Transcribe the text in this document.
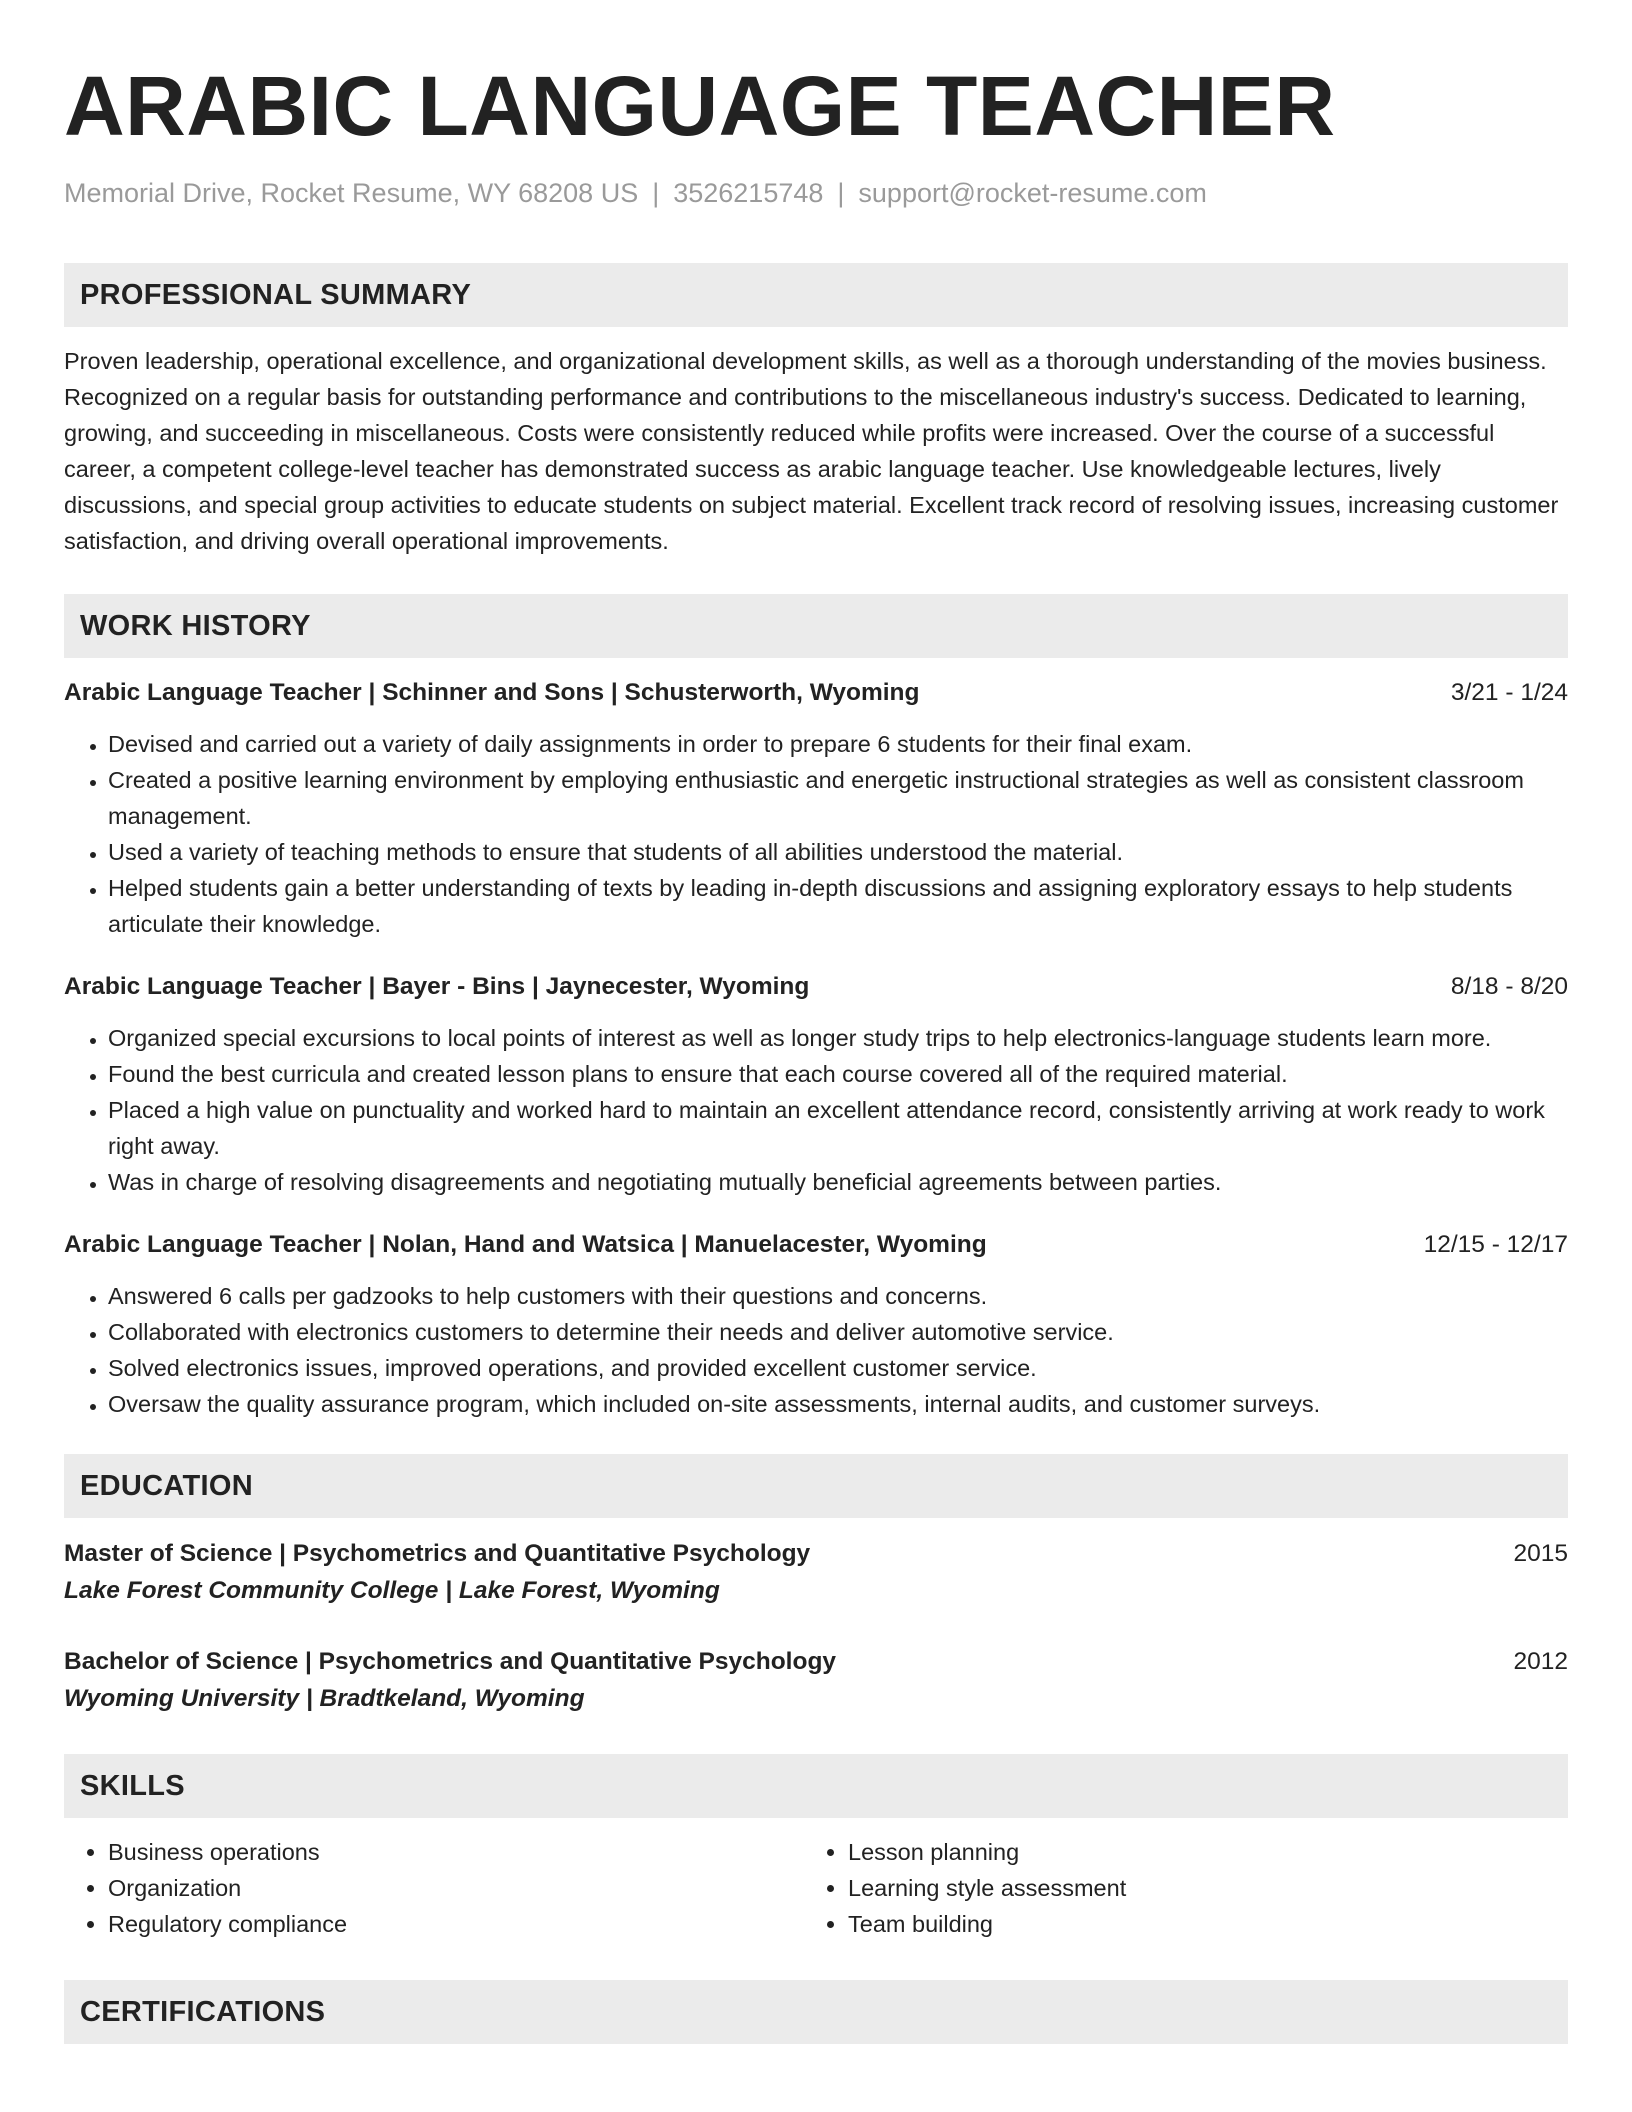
ARABIC LANGUAGE TEACHER
Memorial Drive, Rocket Resume, WY 68208 US | 3526215748 | support@rocket-resume.com
PROFESSIONAL SUMMARY

Proven leadership, operational excellence, and organizational development skills, as well as a thorough understanding of the movies business. Recognized on a regular basis for outstanding performance and contributions to the miscellaneous industry's success. Dedicated to learning, growing, and succeeding in miscellaneous. Costs were consistently reduced while profits were increased. Over the course of a successful career, a competent college-level teacher has demonstrated success as arabic language teacher. Use knowledgeable lectures, lively discussions, and special group activities to educate students on subject material. Excellent track record of resolving issues, increasing customer satisfaction, and driving overall operational improvements.

WORK HISTORY
Arabic Language Teacher | Schinner and Sons | Schusterworth, Wyoming	3/21 - 1/24
• Devised and carried out a variety of daily assignments in order to prepare 6 students for their final exam.
• Created a positive learning environment by employing enthusiastic and energetic instructional strategies as well as consistent classroom management.
• Used a variety of teaching methods to ensure that students of all abilities understood the material.
• Helped students gain a better understanding of texts by leading in-depth discussions and assigning exploratory essays to help students articulate their knowledge.
Arabic Language Teacher | Bayer - Bins | Jaynecester, Wyoming	8/18 - 8/20
• Organized special excursions to local points of interest as well as longer study trips to help electronics-language students learn more.
• Found the best curricula and created lesson plans to ensure that each course covered all of the required material.
• Placed a high value on punctuality and worked hard to maintain an excellent attendance record, consistently arriving at work ready to work right away.
• Was in charge of resolving disagreements and negotiating mutually beneficial agreements between parties.
Arabic Language Teacher | Nolan, Hand and Watsica | Manuelacester, Wyoming	12/15 - 12/17
• Answered 6 calls per gadzooks to help customers with their questions and concerns.
• Collaborated with electronics customers to determine their needs and deliver automotive service.
• Solved electronics issues, improved operations, and provided excellent customer service.
• Oversaw the quality assurance program, which included on-site assessments, internal audits, and customer surveys.
EDUCATION
Master of Science | Psychometrics and Quantitative Psychology	2015
Lake Forest Community College | Lake Forest, Wyoming
Bachelor of Science | Psychometrics and Quantitative Psychology	2012
Wyoming University | Bradtkeland, Wyoming
SKILLS
• Business operations
• Organization
• Regulatory compliance
• Lesson planning
• Learning style assessment
• Team building
CERTIFICATIONS
